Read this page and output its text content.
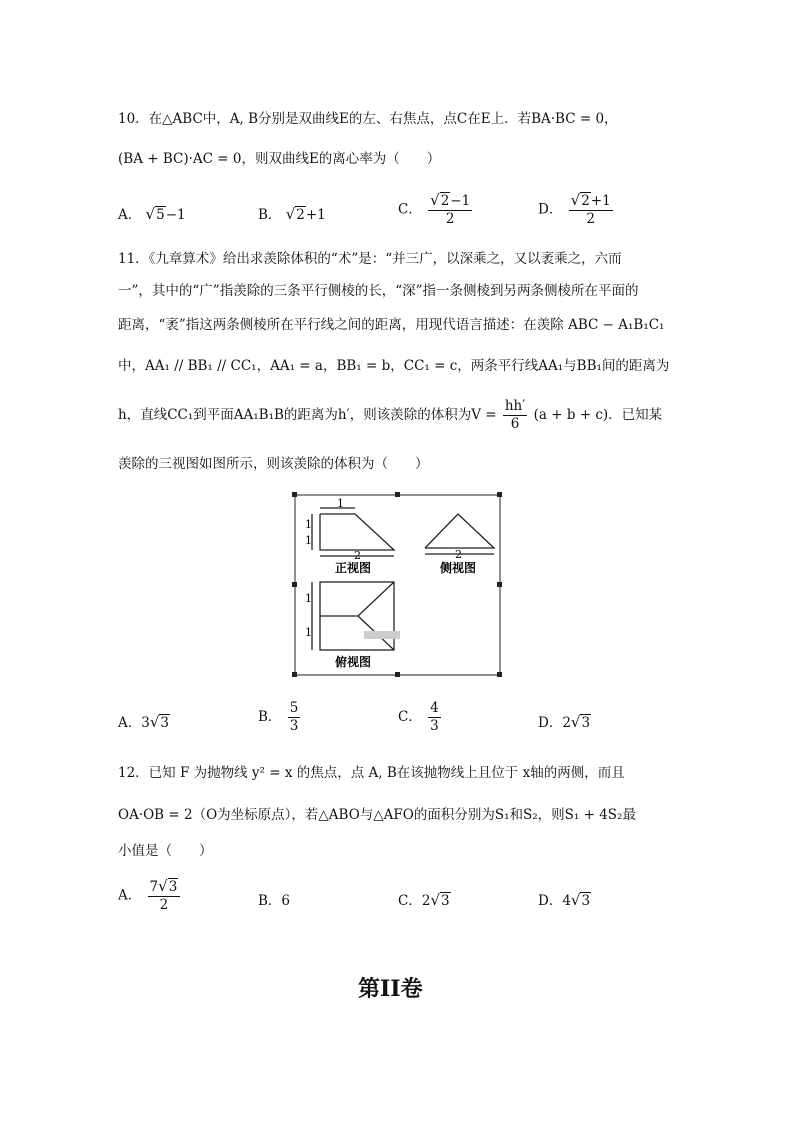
10．在△ABC中，A, B分别是双曲线E的左、右焦点，点C在E上．若BA·BC = 0，
(BA + BC)·AC = 0，则双曲线E的离心率为（　　）
A． √5−1	B． √2+1	C． $\frac{√2-1}{2}$	D． $\frac{√2+1}{2}$
11．《九章算术》给出求羡除体积的“术”是：“并三广，以深乘之，又以袤乘之，六而
一”，其中的“广”指羡除的三条平行侧棱的长，“深”指一条侧棱到另两条侧棱所在平面的
距离，“袤”指这两条侧棱所在平行线之间的距离，用现代语言描述：在羡除 ABC − A₁B₁C₁
中，AA₁ // BB₁ // CC₁，AA₁ = a，BB₁ = b，CC₁ = c，两条平行线AA₁与BB₁间的距离为
h，直线CC₁到平面AA₁B₁B的距离为h′，则该羡除的体积为$V = \frac{hh'}{6} (a + b + c)$．已知某
羡除的三视图如图所示，则该羡除的体积为（　　）
1
1
1
2
正视图
2
侧视图
1
1
俯视图
A．3√3	B． $\frac{5}{3}$	C． $\frac{4}{3}$	D．2√3
12．已知 F 为抛物线 y² = x 的焦点，点 A, B在该抛物线上且位于 x轴的两侧，而且
OA·OB = 2（O为坐标原点），若△ABO与△AFO的面积分别为S₁和S₂，则S₁ + 4S₂最
小值是（　　）
A． $\frac{7√3}{2}$	B．6	C．2√3	D．4√3
第II卷
